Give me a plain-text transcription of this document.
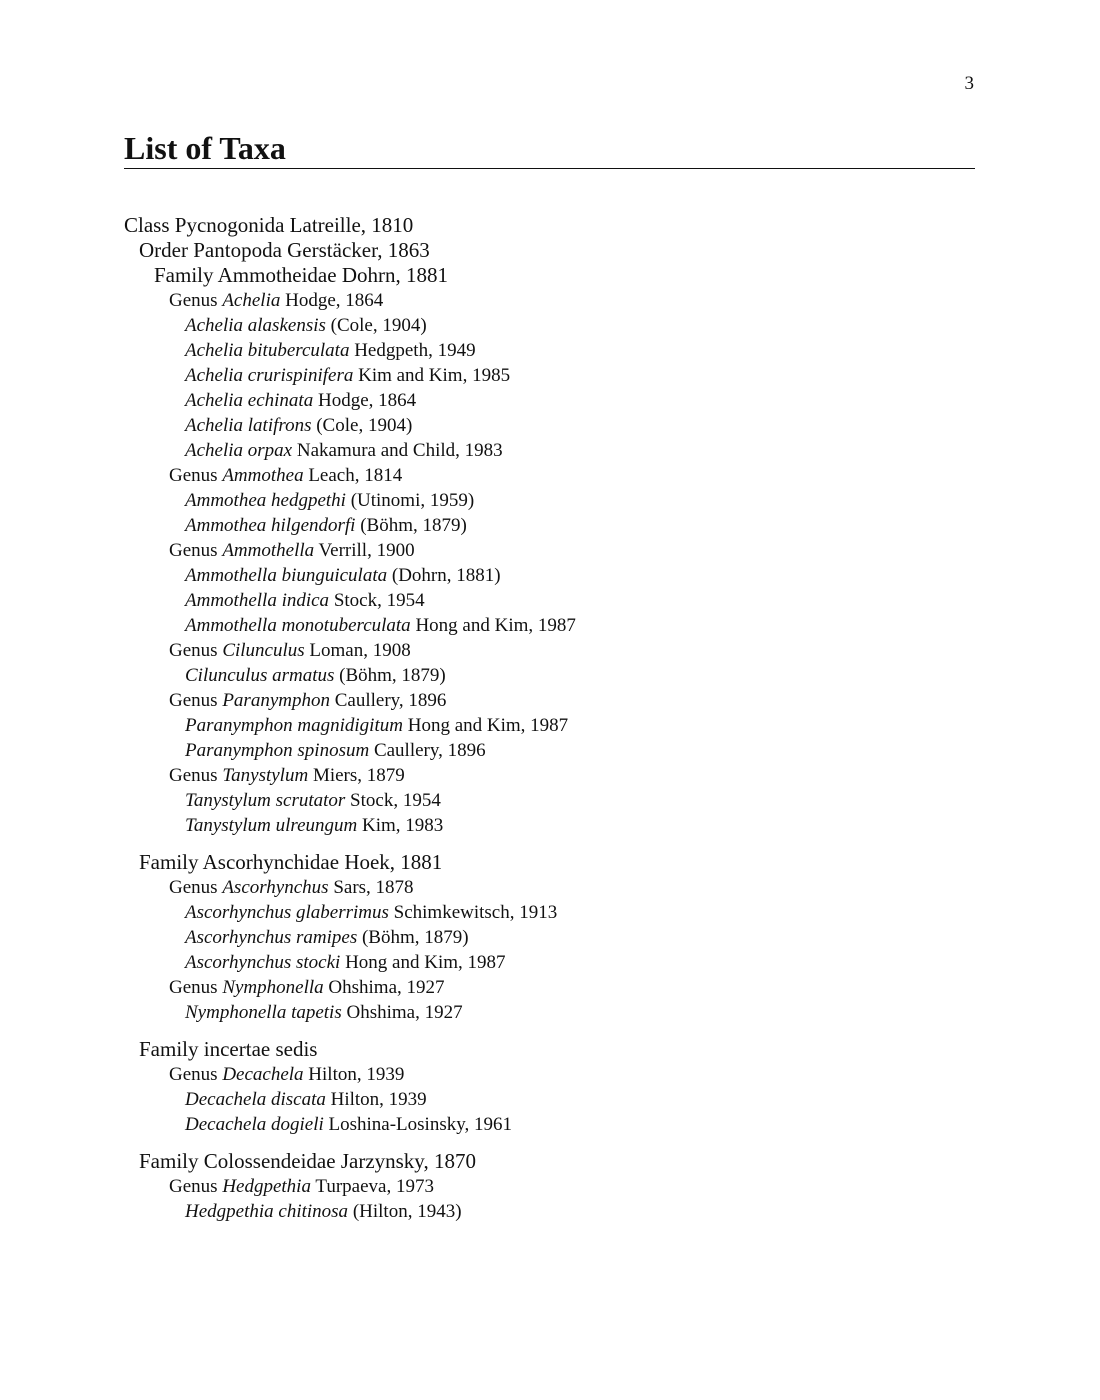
3
List of Taxa
Class Pycnogonida Latreille, 1810
Order Pantopoda Gerstäcker, 1863
Family Ammotheidae Dohrn, 1881
Genus Achelia Hodge, 1864
Achelia alaskensis (Cole, 1904)
Achelia bituberculata Hedgpeth, 1949
Achelia crurispinifera Kim and Kim, 1985
Achelia echinata Hodge, 1864
Achelia latifrons (Cole, 1904)
Achelia orpax Nakamura and Child, 1983
Genus Ammothea Leach, 1814
Ammothea hedgpethi (Utinomi, 1959)
Ammothea hilgendorfi (Böhm, 1879)
Genus Ammothella Verrill, 1900
Ammothella biunguiculata (Dohrn, 1881)
Ammothella indica Stock, 1954
Ammothella monotuberculata Hong and Kim, 1987
Genus Cilunculus Loman, 1908
Cilunculus armatus (Böhm, 1879)
Genus Paranymphon Caullery, 1896
Paranymphon magnidigitum Hong and Kim, 1987
Paranymphon spinosum Caullery, 1896
Genus Tanystylum Miers, 1879
Tanystylum scrutator Stock, 1954
Tanystylum ulreungum Kim, 1983
Family Ascorhynchidae Hoek, 1881
Genus Ascorhynchus Sars, 1878
Ascorhynchus glaberrimus Schimkewitsch, 1913
Ascorhynchus ramipes (Böhm, 1879)
Ascorhynchus stocki Hong and Kim, 1987
Genus Nymphonella Ohshima, 1927
Nymphonella tapetis Ohshima, 1927
Family incertae sedis
Genus Decachela Hilton, 1939
Decachela discata Hilton, 1939
Decachela dogieli Loshina-Losinsky, 1961
Family Colossendeidae Jarzynsky, 1870
Genus Hedgpethia Turpaeva, 1973
Hedgpethia chitinosa (Hilton, 1943)
